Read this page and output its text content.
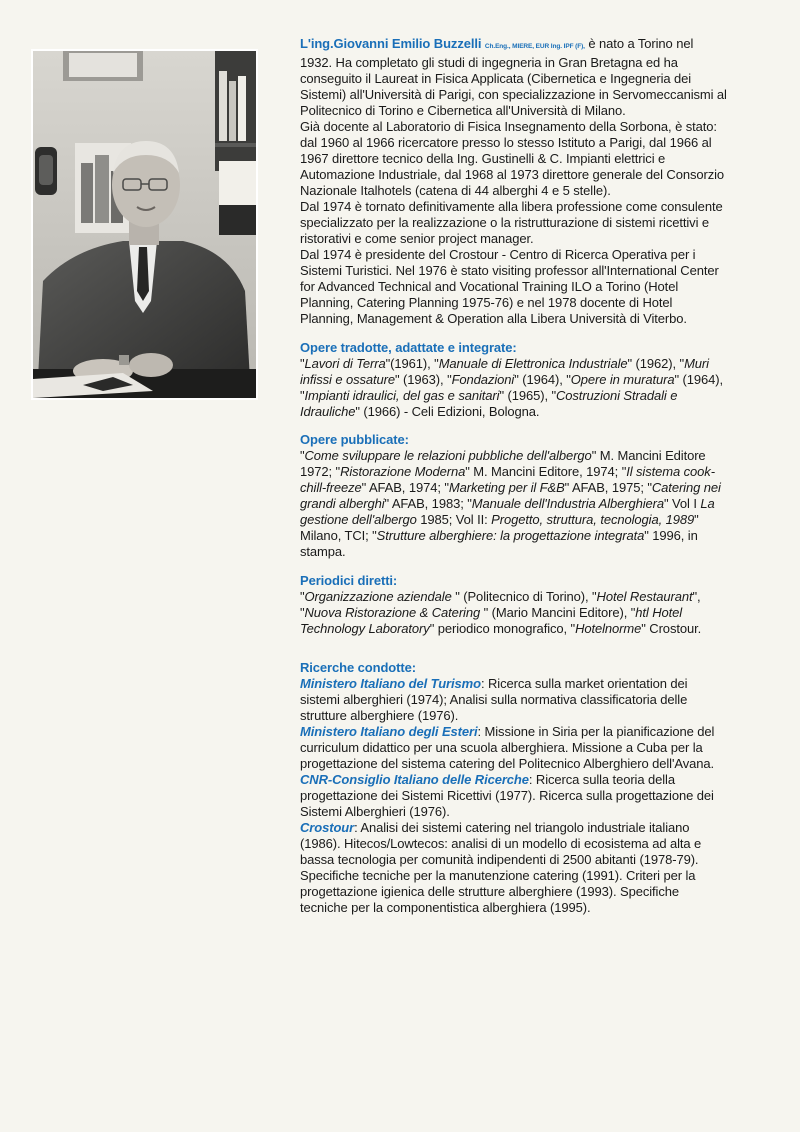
L'ing.Giovanni Emilio Buzzelli Ch.Eng., MIERE, EUR Ing. IPF (F), è nato a Torino nel 1932. Ha completato gli studi di ingegneria in Gran Bretagna ed ha conseguito il Laureat in Fisica Applicata (Cibernetica e Ingegneria dei Sistemi) all'Università di Parigi, con specializzazione in Servomeccanismi al Politecnico di Torino e Cibernetica all'Università di Milano.

Già docente al Laboratorio di Fisica Insegnamento della Sorbona, è stato: dal 1960 al 1966 ricercatore presso lo stesso Istituto a Parigi, dal 1966 al 1967 direttore tecnico della Ing. Gustinelli & C. Impianti elettrici e Automazione Industriale, dal 1968 al 1973 direttore generale del Consorzio Nazionale Italhotels (catena di 44 alberghi 4 e 5 stelle).

Dal 1974 è tornato definitivamente alla libera professione come consulente specializzato per la realizzazione o la ristrutturazione di sistemi ricettivi e ristorativi e come senior project manager.

Dal 1974 è presidente del Crostour - Centro di Ricerca Operativa per i Sistemi Turistici. Nel 1976 è stato visiting professor all'International Center for Advanced Technical and Vocational Training ILO a Torino (Hotel Planning, Catering Planning 1975-76) e nel 1978 docente di Hotel Planning, Management & Operation alla Libera Università di Viterbo.

Opere tradotte, adattate e integrate:

"Lavori di Terra"(1961), "Manuale di Elettronica Industriale" (1962), "Muri infissi e ossature" (1963), "Fondazioni" (1964), "Opere in muratura" (1964), "Impianti idraulici, del gas e sanitari" (1965), "Costruzioni Stradali e Idrauliche" (1966) - Celi Edizioni, Bologna.

Opere pubblicate:

"Come sviluppare le relazioni pubbliche dell'albergo" M. Mancini Editore 1972; "Ristorazione Moderna" M. Mancini Editore, 1974; "Il sistema cook-chill-freeze" AFAB, 1974; "Marketing per il F&B" AFAB, 1975; "Catering nei grandi alberghi" AFAB, 1983; "Manuale dell'Industria Alberghiera" Vol I La gestione dell'albergo 1985; Vol II: Progetto, struttura, tecnologia, 1989" Milano, TCI; "Strutture alberghiere: la progettazione integrata" 1996, in stampa.

Periodici diretti:

"Organizzazione aziendale " (Politecnico di Torino), "Hotel Restaurant", "Nuova Ristorazione & Catering " (Mario Mancini Editore), "htl Hotel Technology Laboratory" periodico monografico, "Hotelnorme" Crostour.

Ricerche condotte:

Ministero Italiano del Turismo: Ricerca sulla market orientation dei sistemi alberghieri (1974); Analisi sulla normativa classificatoria delle strutture alberghiere (1976).

Ministero Italiano degli Esteri: Missione in Siria per la pianificazione del curriculum didattico per una scuola alberghiera. Missione a Cuba per la progettazione del sistema catering del Politecnico Alberghiero dell'Avana.

CNR-Consiglio Italiano delle Ricerche: Ricerca sulla teoria della progettazione dei Sistemi Ricettivi (1977). Ricerca sulla progettazione dei Sistemi Alberghieri (1976).

Crostour: Analisi dei sistemi catering nel triangolo industriale italiano (1986). Hitecos/Lowtecos: analisi di un modello di ecosistema ad alta e bassa tecnologia per comunità indipendenti di 2500 abitanti (1978-79). Specifiche tecniche per la manutenzione catering (1991). Criteri per la progettazione igienica delle strutture alberghiere (1993). Specifiche tecniche per la componentistica alberghiera (1995).
